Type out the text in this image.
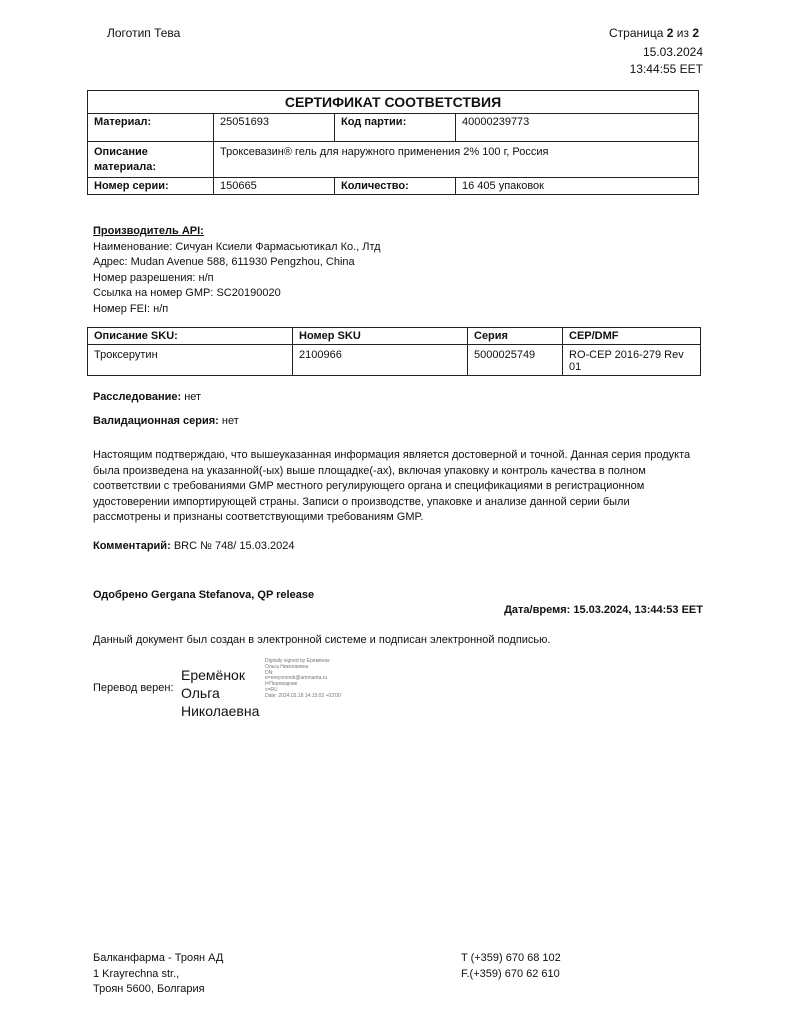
Логотип Тева	Страница 2 из 2
15.03.2024
13:44:55 EET
СЕРТИФИКАТ СООТВЕТСТВИЯ			
Материал:	25051693	Код партии:	40000239773
Описание материала:	Троксевазин® гель для наружного применения 2% 100 г, Россия		
Номер серии:	150665	Количество:	16 405 упаковок

Производитель API:

Наименование: Сичуан Ксиели Фармасьютикал Ко., Лтд

Адрес: Mudan Avenue 588, 611930 Pengzhou, China

Номер разрешения: н/п

Ссылка на номер GMP: SC20190020

Номер FEI: н/п

Описание SKU:	Номер SKU	Серия	CEP/DMF
Троксерутин	2100966	5000025749	RO-CEP 2016-279 Rev 01
Расследование: нет
Валидационная серия: нет
Настоящим подтверждаю, что вышеуказанная информация является достоверной и точной. Данная серия продукта была произведена на указанной(-ых) выше площадке(-ах), включая упаковку и контроль качества в полном соответствии с требованиями GMP местного регулирующего органа и спецификациями в регистрационном удостоверении импортирующей страны. Записи о производстве, упаковке и анализе данной серии были рассмотрены и признаны соответствующими требованиям GMP.
Комментарий: BRC № 748/ 15.03.2024
Одобрено Gergana Stefanova, QP release
Дата/время: 15.03.2024, 13:44:53 EET
Данный документ был создан в электронной системе и подписан электронной подписью.
Перевод верен:
Еремёнок
Ольга
Николаевна
Digitally signed by Еремёнок
Ольга Николаевна
DN:
e=ereyomnok@ammanta.ru
t=Переводчик
c=RU
Date: 2024.03.18 14:15:02 +03'00'
Балканфарма - Троян АД
1 Krayrechna str.,
Троян 5600, Болгария
T (+359) 670 68 102
F.(+359) 670 62 610
